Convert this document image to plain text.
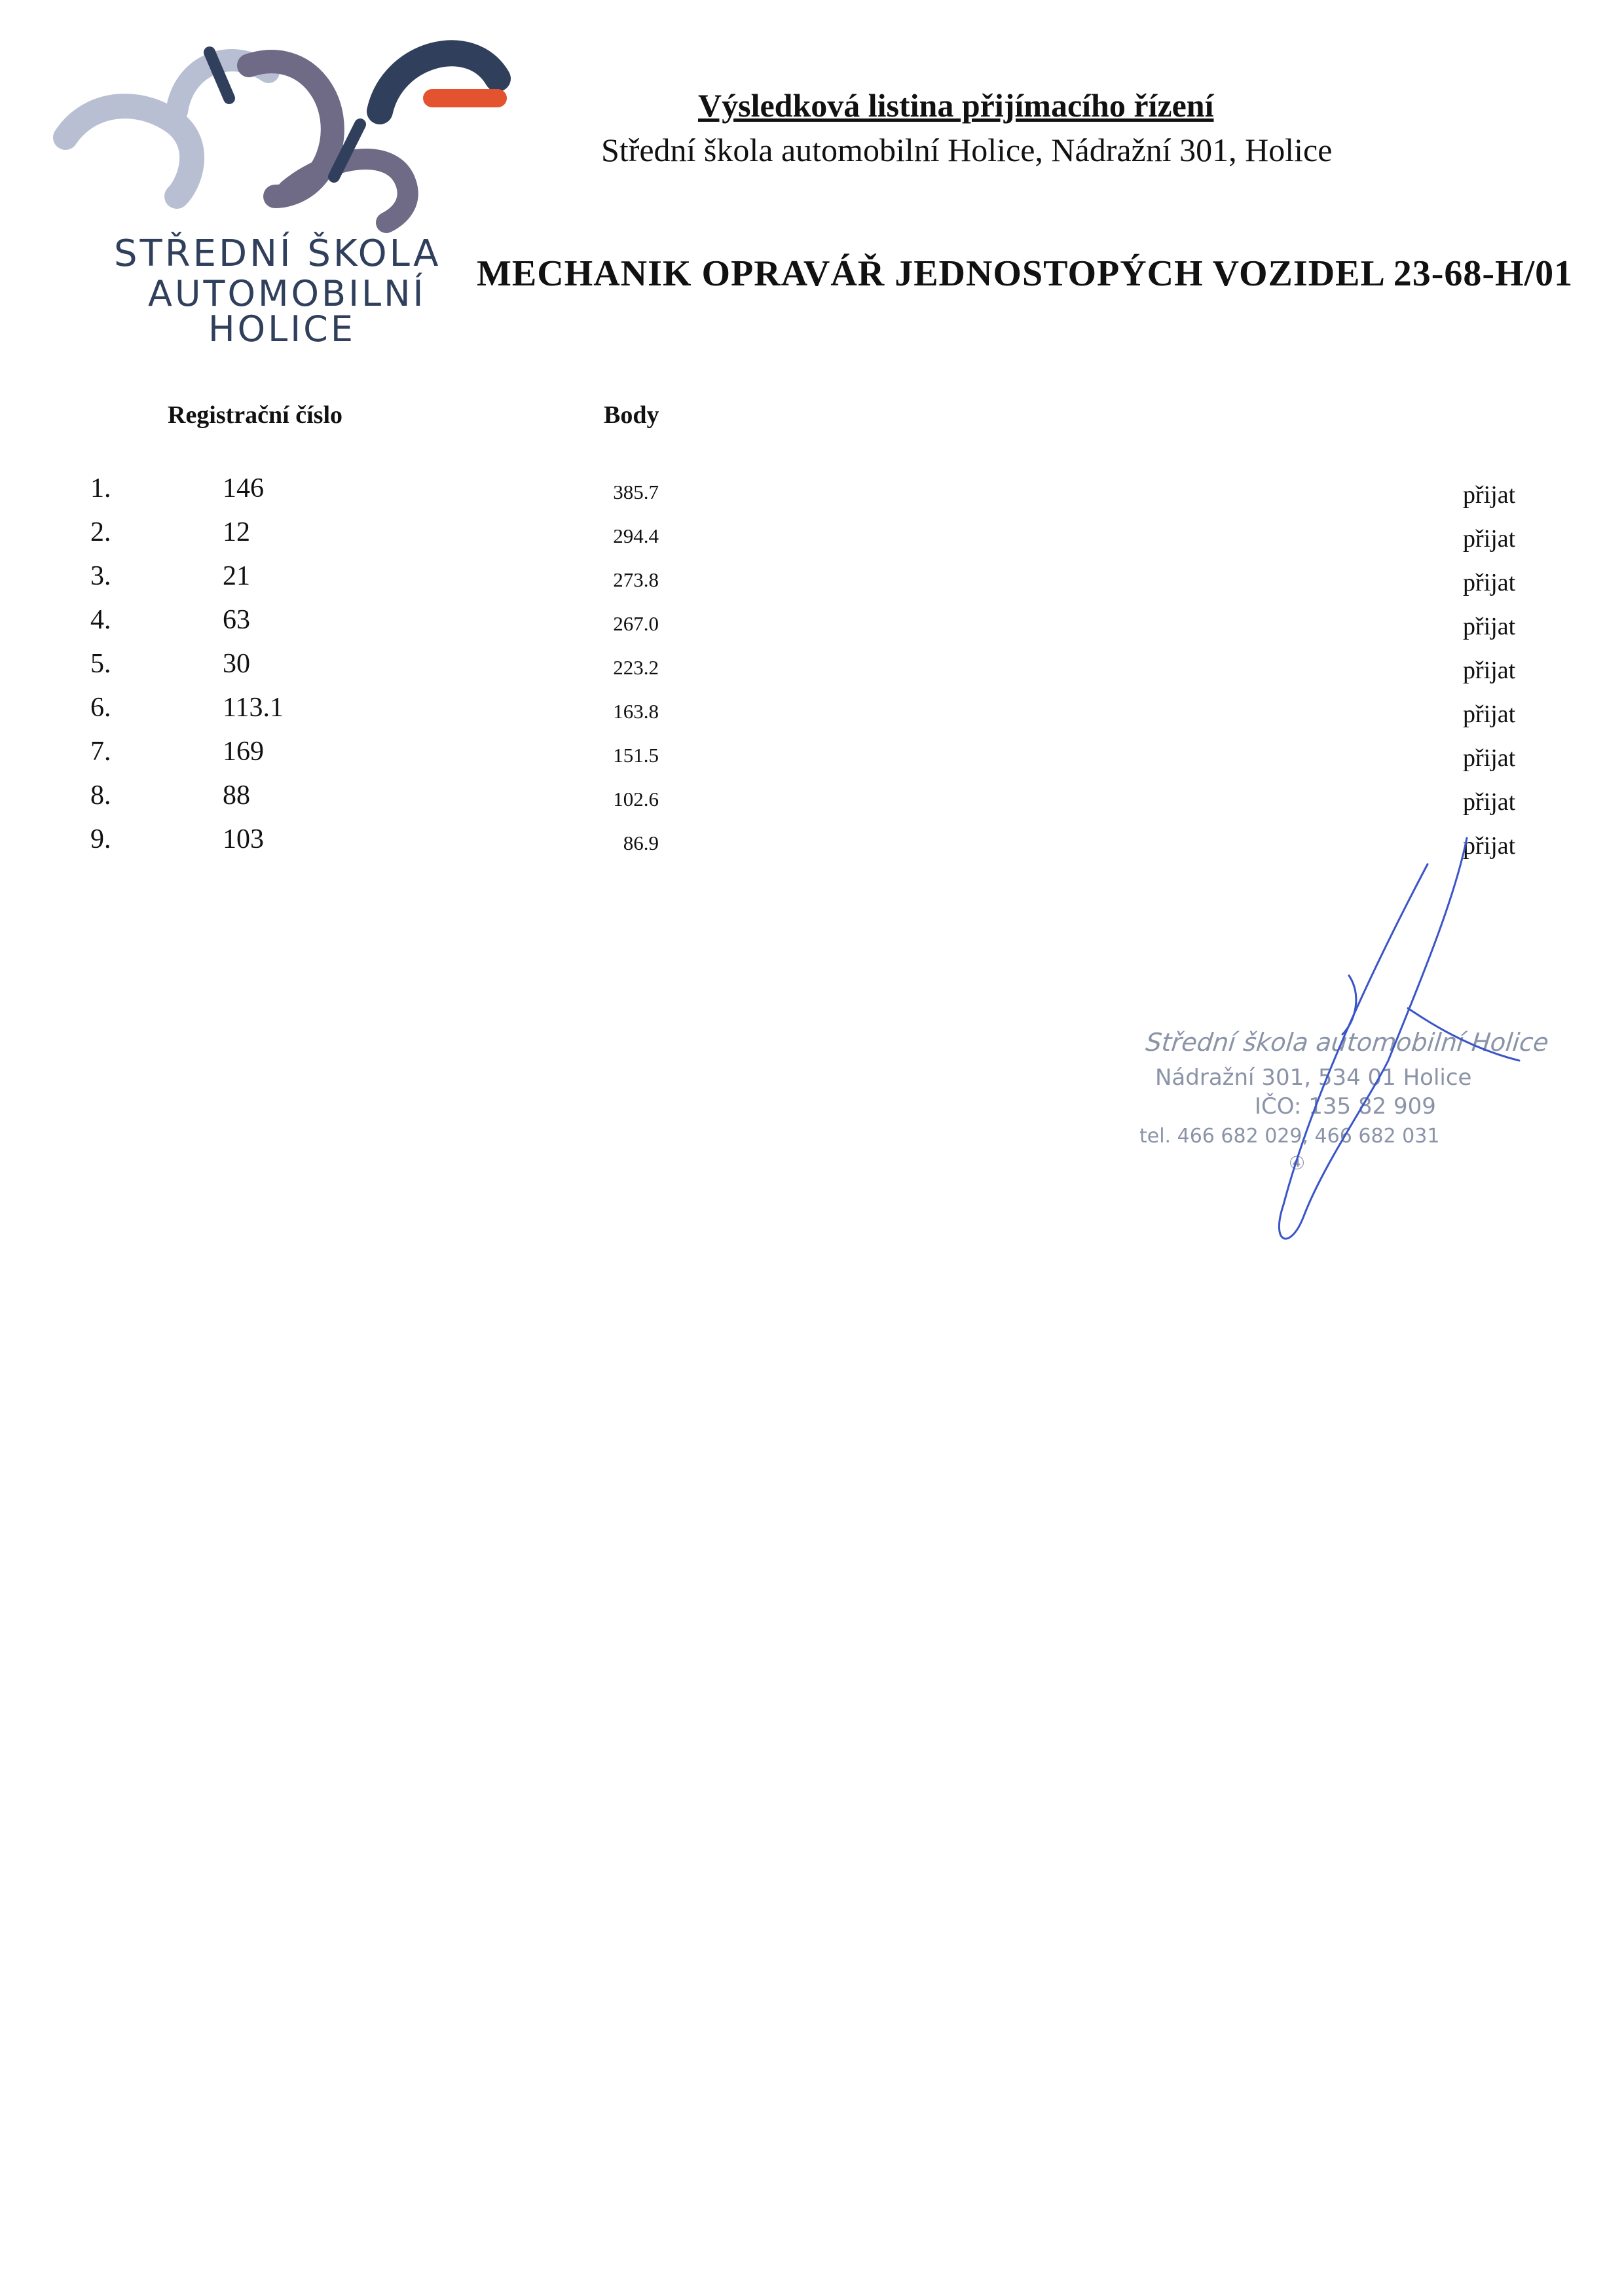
STŘEDNÍ ŠKOLA
AUTOMOBILNÍ
HOLICE
Výsledková listina přijímacího řízení
Střední škola automobilní Holice, Nádražní 301, Holice
MECHANIK OPRAVÁŘ JEDNOSTOPÝCH VOZIDEL 23-68-H/01
Registrační číslo	Body
1.	146	385.7	přijat
2.	12	294.4	přijat
3.	21	273.8	přijat
4.	63	267.0	přijat
5.	30	223.2	přijat
6.	113.1	163.8	přijat
7.	169	151.5	přijat
8.	88	102.6	přijat
9.	103	86.9	přijat
Střední škola automobilní Holice
Nádražní 301, 534 01 Holice
IČO: 135 82 909
tel. 466 682 029, 466 682 031
④
